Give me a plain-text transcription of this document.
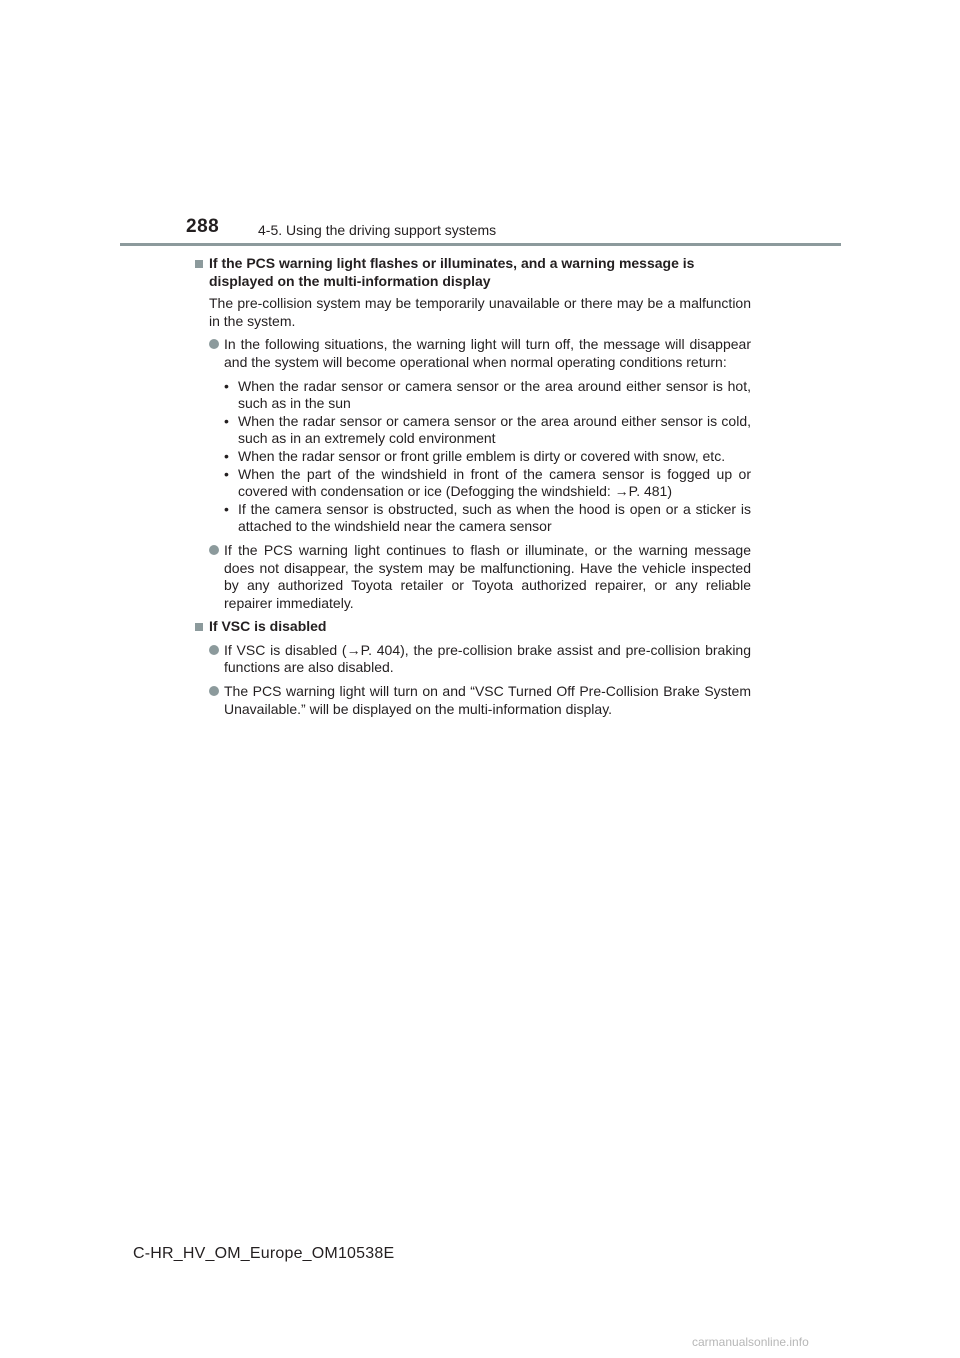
288	4-5. Using the driving support systems
If the PCS warning light flashes or illuminates, and a warning message is displayed on the multi-information display
The pre-collision system may be temporarily unavailable or there may be a malfunction in the system.
In the following situations, the warning light will turn off, the message will disappear and the system will become operational when normal operating conditions return:
• When the radar sensor or camera sensor or the area around either sensor is hot, such as in the sun
• When the radar sensor or camera sensor or the area around either sensor is cold, such as in an extremely cold environment
• When the radar sensor or front grille emblem is dirty or covered with snow, etc.
• When the part of the windshield in front of the camera sensor is fogged up or covered with condensation or ice (Defogging the windshield: →P. 481)
• If the camera sensor is obstructed, such as when the hood is open or a sticker is attached to the windshield near the camera sensor
If the PCS warning light continues to flash or illuminate, or the warning message does not disappear, the system may be malfunctioning. Have the vehicle inspected by any authorized Toyota retailer or Toyota authorized repairer, or any reliable repairer immediately.
If VSC is disabled
If VSC is disabled (→P. 404), the pre-collision brake assist and pre-collision braking functions are also disabled.
The PCS warning light will turn on and “VSC Turned Off Pre-Collision Brake System Unavailable.” will be displayed on the multi-information display.
C-HR_HV_OM_Europe_OM10538E
carmanualsonline.info
